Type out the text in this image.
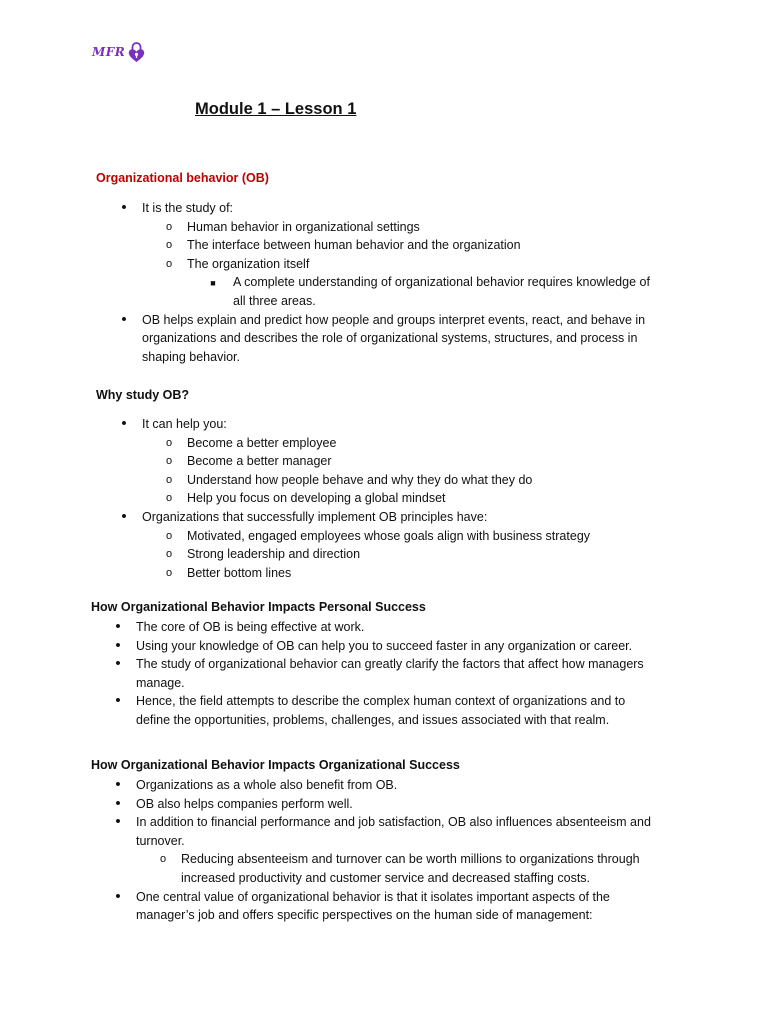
MFR
Module 1 – Lesson 1
Organizational behavior (OB)
• It is the study of:
o Human behavior in organizational settings
o The interface between human behavior and the organization
o The organization itself
■ A complete understanding of organizational behavior requires knowledge of
all three areas.
• OB helps explain and predict how people and groups interpret events, react, and behave in
organizations and describes the role of organizational systems, structures, and process in
shaping behavior.
Why study OB?
• It can help you:
o Become a better employee
o Become a better manager
o Understand how people behave and why they do what they do
o Help you focus on developing a global mindset
• Organizations that successfully implement OB principles have:
o Motivated, engaged employees whose goals align with business strategy
o Strong leadership and direction
o Better bottom lines
How Organizational Behavior Impacts Personal Success
• The core of OB is being effective at work.
• Using your knowledge of OB can help you to succeed faster in any organization or career.
• The study of organizational behavior can greatly clarify the factors that affect how managers
manage.
• Hence, the field attempts to describe the complex human context of organizations and to
define the opportunities, problems, challenges, and issues associated with that realm.
How Organizational Behavior Impacts Organizational Success
• Organizations as a whole also benefit from OB.
• OB also helps companies perform well.
• In addition to financial performance and job satisfaction, OB also influences absenteeism and
turnover.
o Reducing absenteeism and turnover can be worth millions to organizations through
increased productivity and customer service and decreased staffing costs.
• One central value of organizational behavior is that it isolates important aspects of the
manager’s job and offers specific perspectives on the human side of management:
